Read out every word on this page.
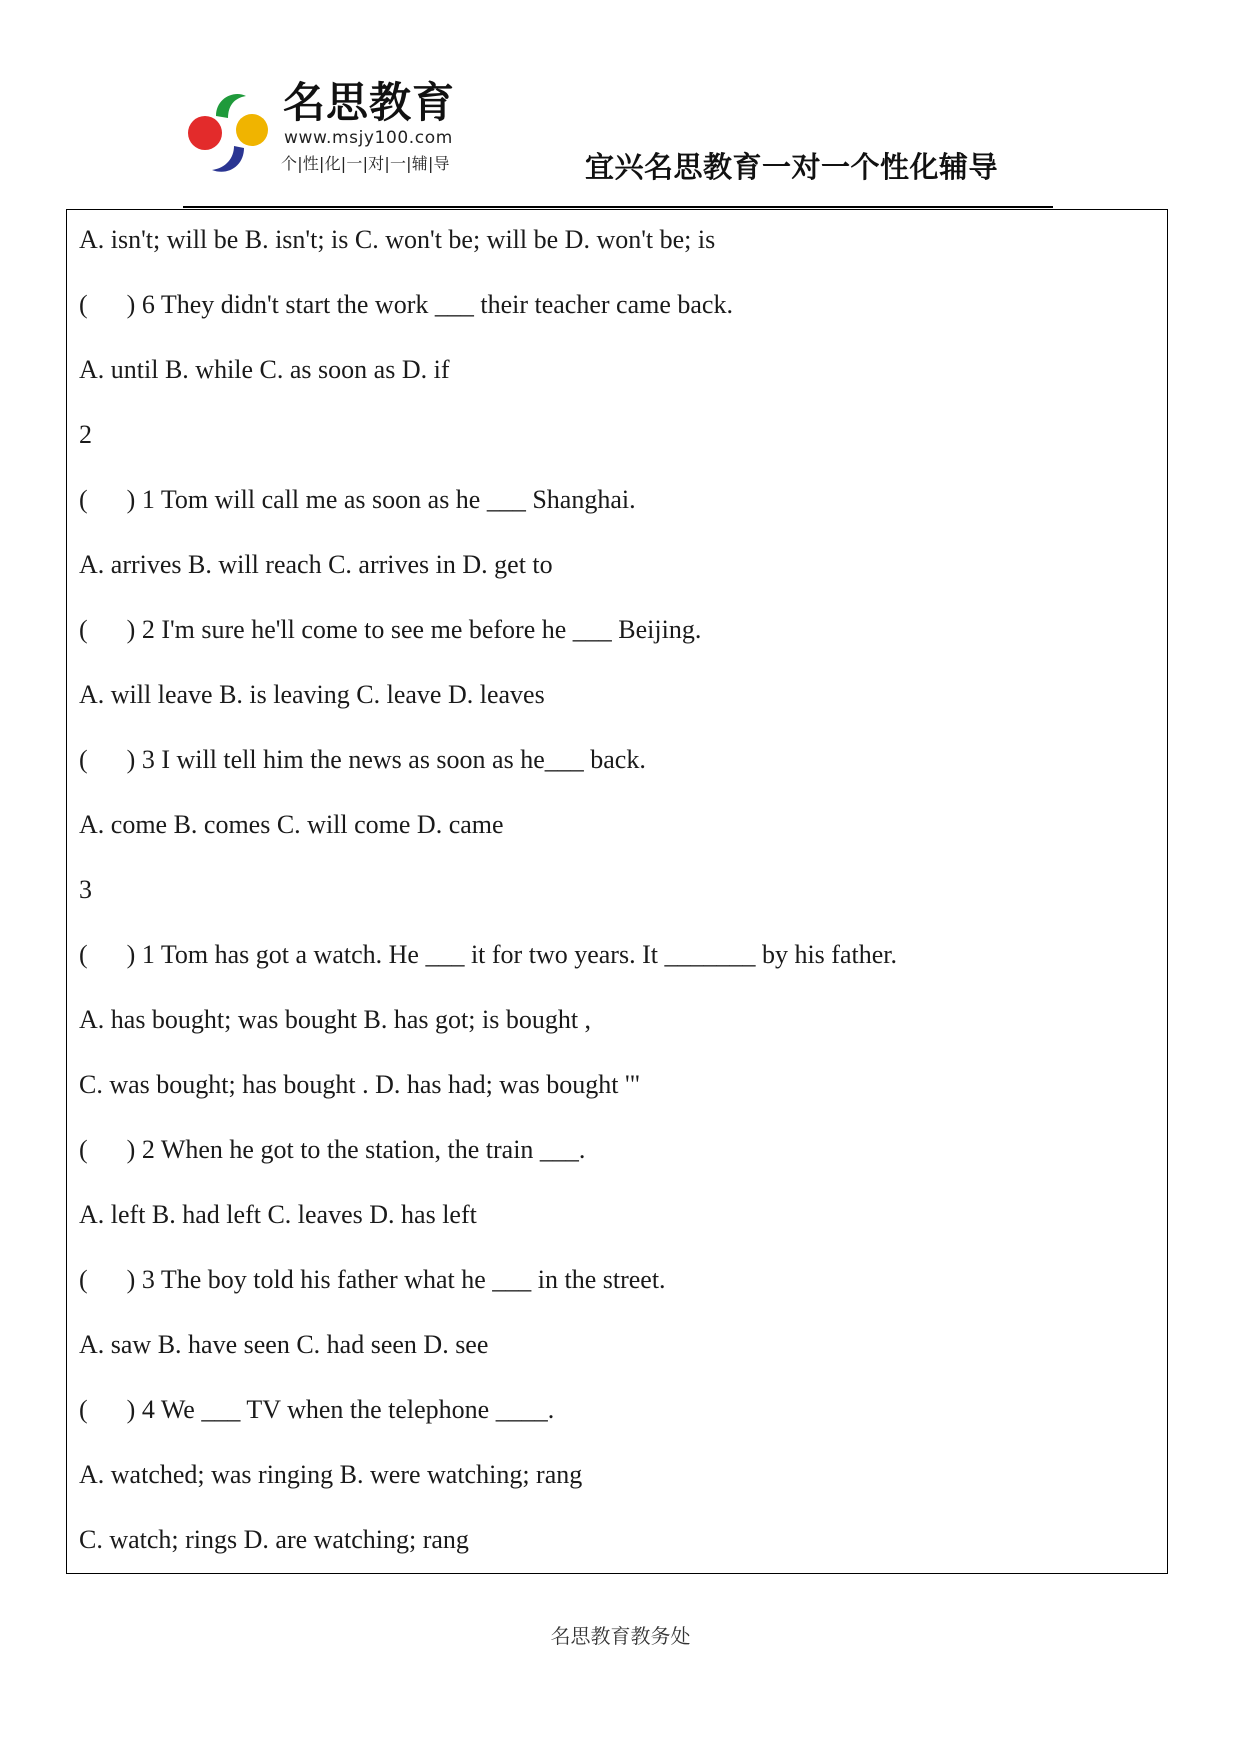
名思教育
www.msjy100.com
个|性|化|一|对|一|辅|导	宜兴名思教育一对一个性化辅导
A. isn't; will be B. isn't; is C. won't be; will be D. won't be; is
(      ) 6 They didn't start the work ___ their teacher came back.
A. until B. while C. as soon as D. if
2
(      ) 1 Tom will call me as soon as he ___ Shanghai.
A. arrives B. will reach C. arrives in D. get to
(      ) 2 I'm sure he'll come to see me before he ___ Beijing.
A. will leave B. is leaving C. leave D. leaves
(      ) 3 I will tell him the news as soon as he___ back.
A. come B. comes C. will come D. came
3
(      ) 1 Tom has got a watch. He ___ it for two years. It _______ by his father.
A. has bought; was bought B. has got; is bought ,
C. was bought; has bought . D. has had; was bought '"
(      ) 2 When he got to the station, the train ___.
A. left B. had left C. leaves D. has left
(      ) 3 The boy told his father what he ___ in the street.
A. saw B. have seen C. had seen D. see
(      ) 4 We ___ TV when the telephone ____.
A. watched; was ringing B. were watching; rang
C. watch; rings D. are watching; rang
名思教育教务处
